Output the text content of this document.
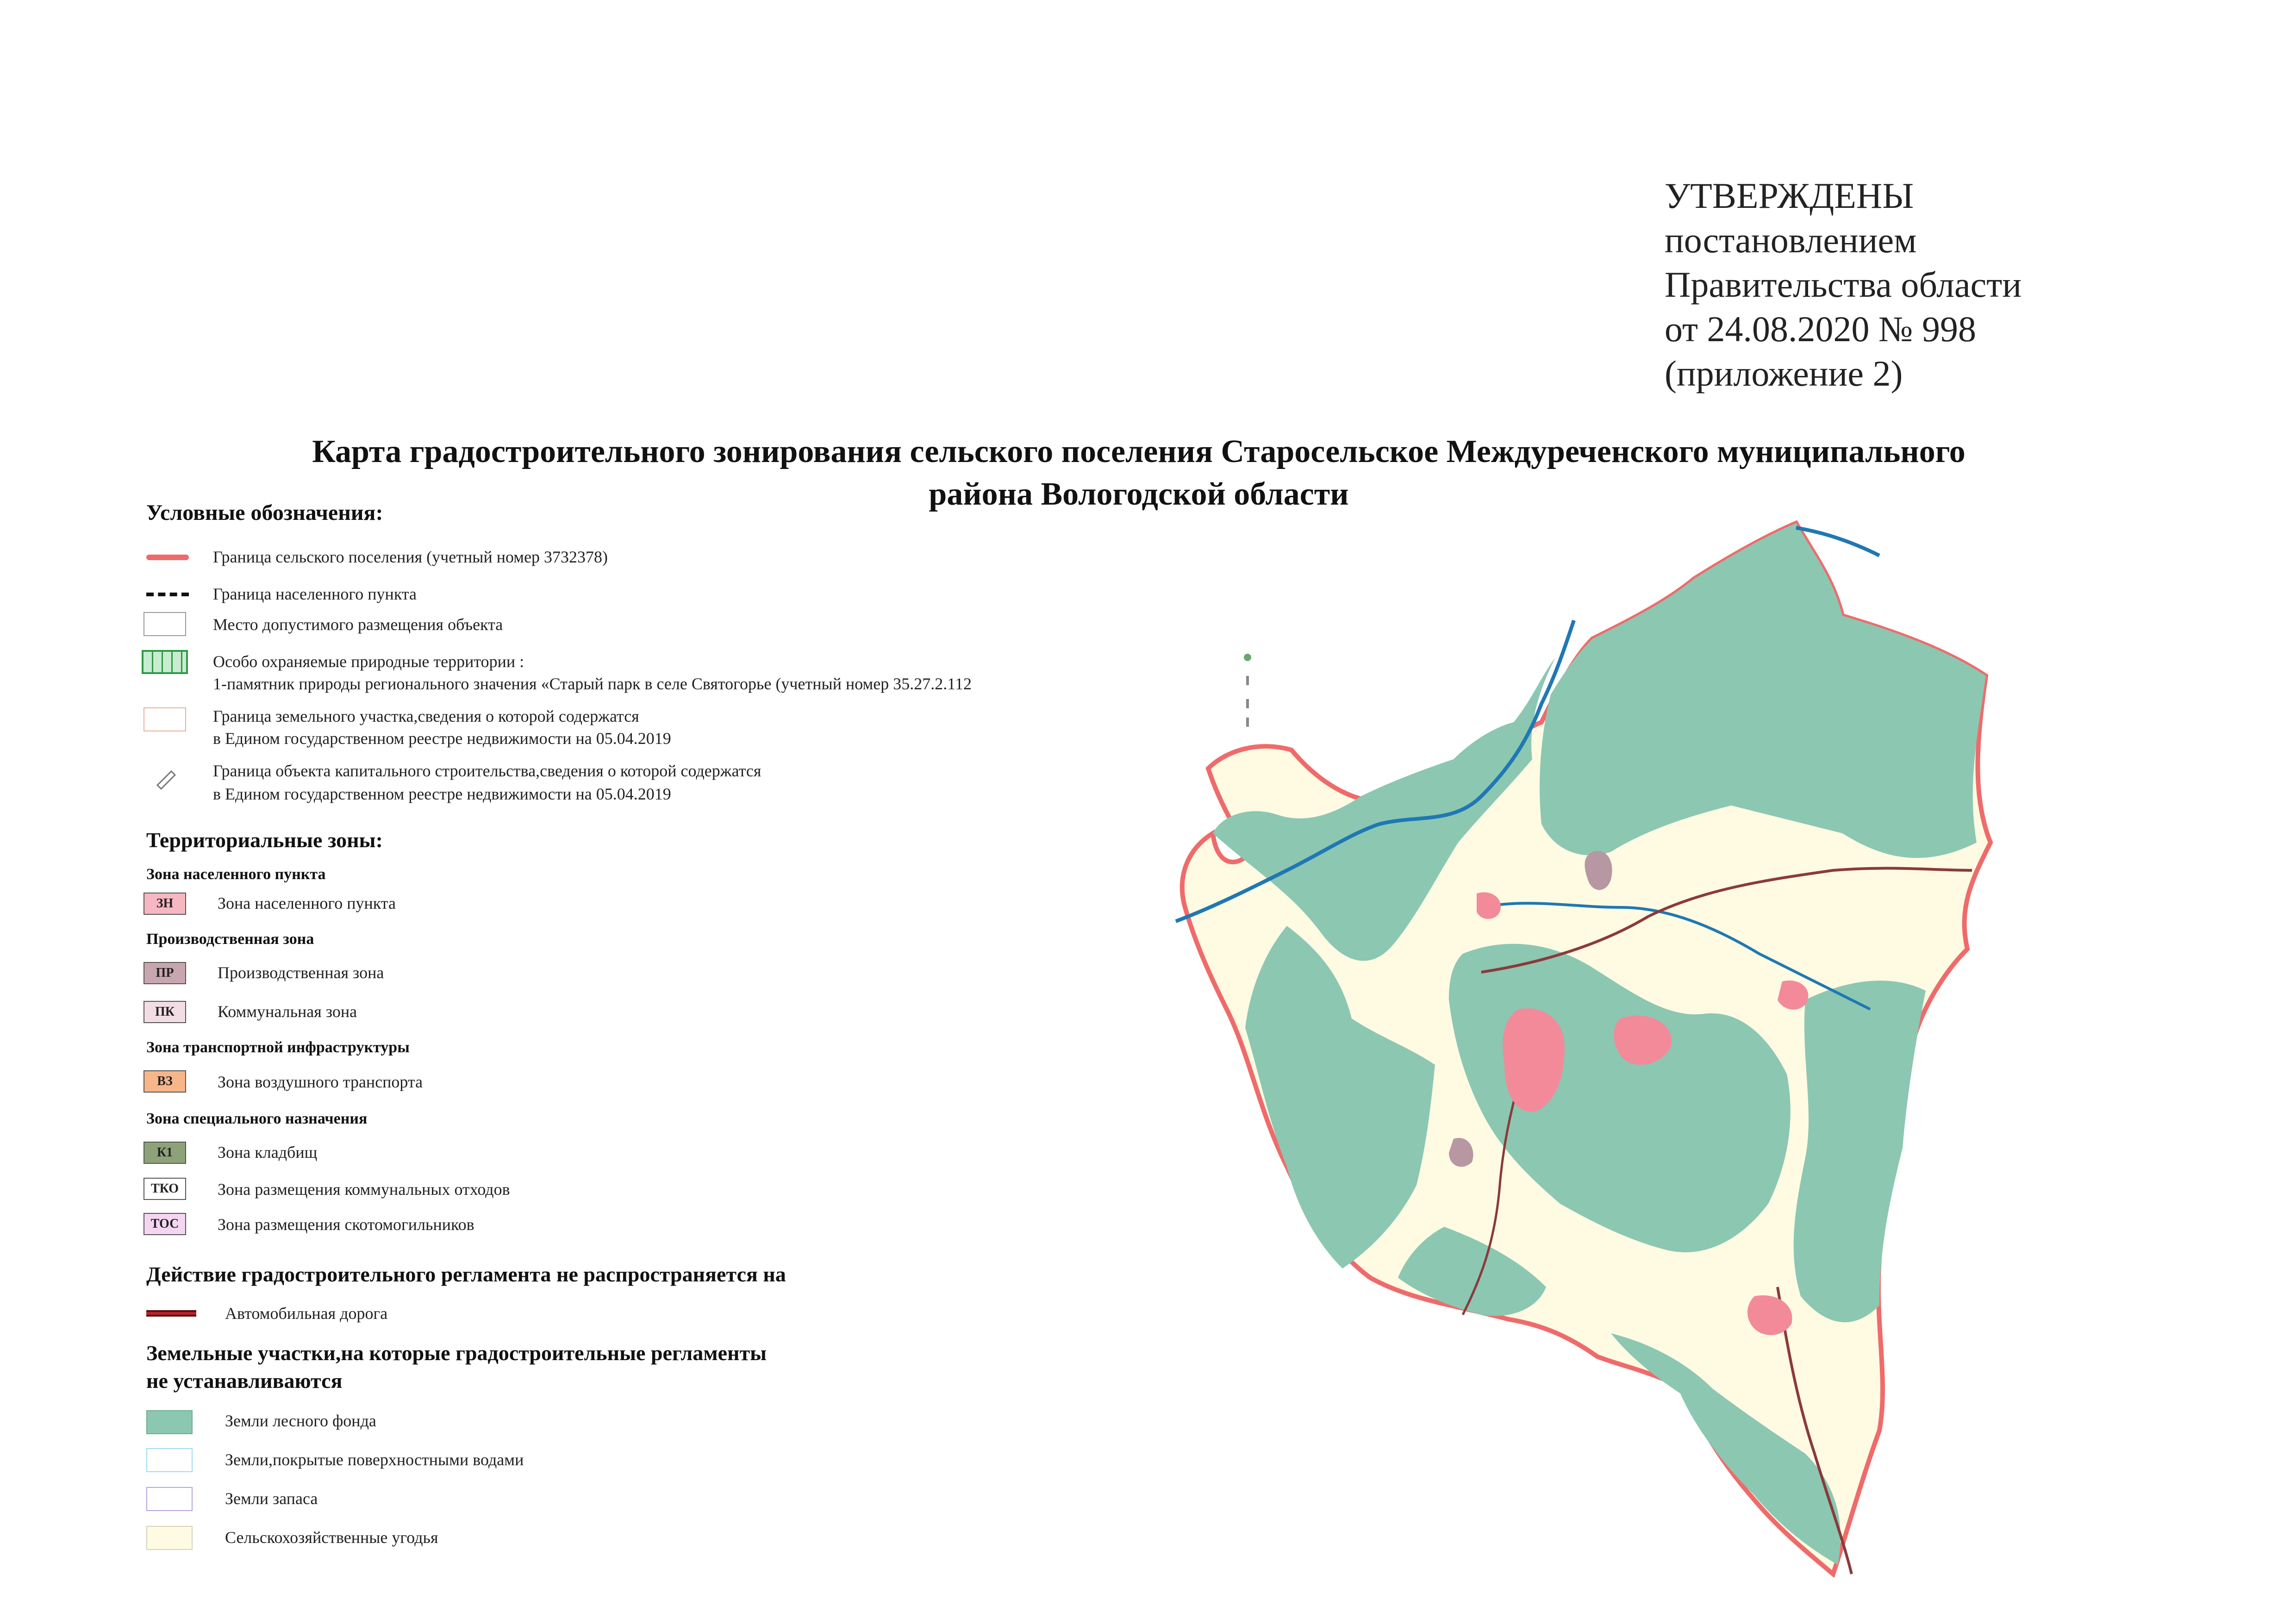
УТВЕРЖДЕНЫ
постановлением
Правительства области
от 24.08.2020 № 998
(приложение 2)
Карта градостроительного зонирования сельского поселения Старосельское Междуреченского муниципального
района Вологодской области
Условные обозначения:
Граница сельского поселения (учетный номер 3732378)
Граница населенного пункта
Место допустимого размещения объекта
Особо охраняемые природные территории :
1-памятник природы регионального значения «Старый парк в селе Святогорье (учетный номер 35.27.2.112
Граница земельного участка,сведения о которой содержатся
в Едином государственном реестре недвижимости на 05.04.2019
Граница объекта капитального строительства,сведения о которой содержатся
в Едином государственном реестре недвижимости на 05.04.2019
Территориальные зоны:
Зона населенного пункта
ЗН	Зона населенного пункта
Производственная зона
ПР	Производственная зона
ПК	Коммунальная зона
Зона транспортной инфраструктуры
ВЗ	Зона воздушного транспорта
Зона специального назначения
К1	Зона кладбищ
ТКО	Зона размещения коммунальных отходов
ТОС	Зона размещения скотомогильников
Действие градостроительного регламента не распространяется на
Автомобильная дорога
Земельные участки,на которые градостроительные регламенты
не устанавливаются
Земли лесного фонда
Земли,покрытые поверхностными водами
Земли запаса
Сельскохозяйственные угодья
